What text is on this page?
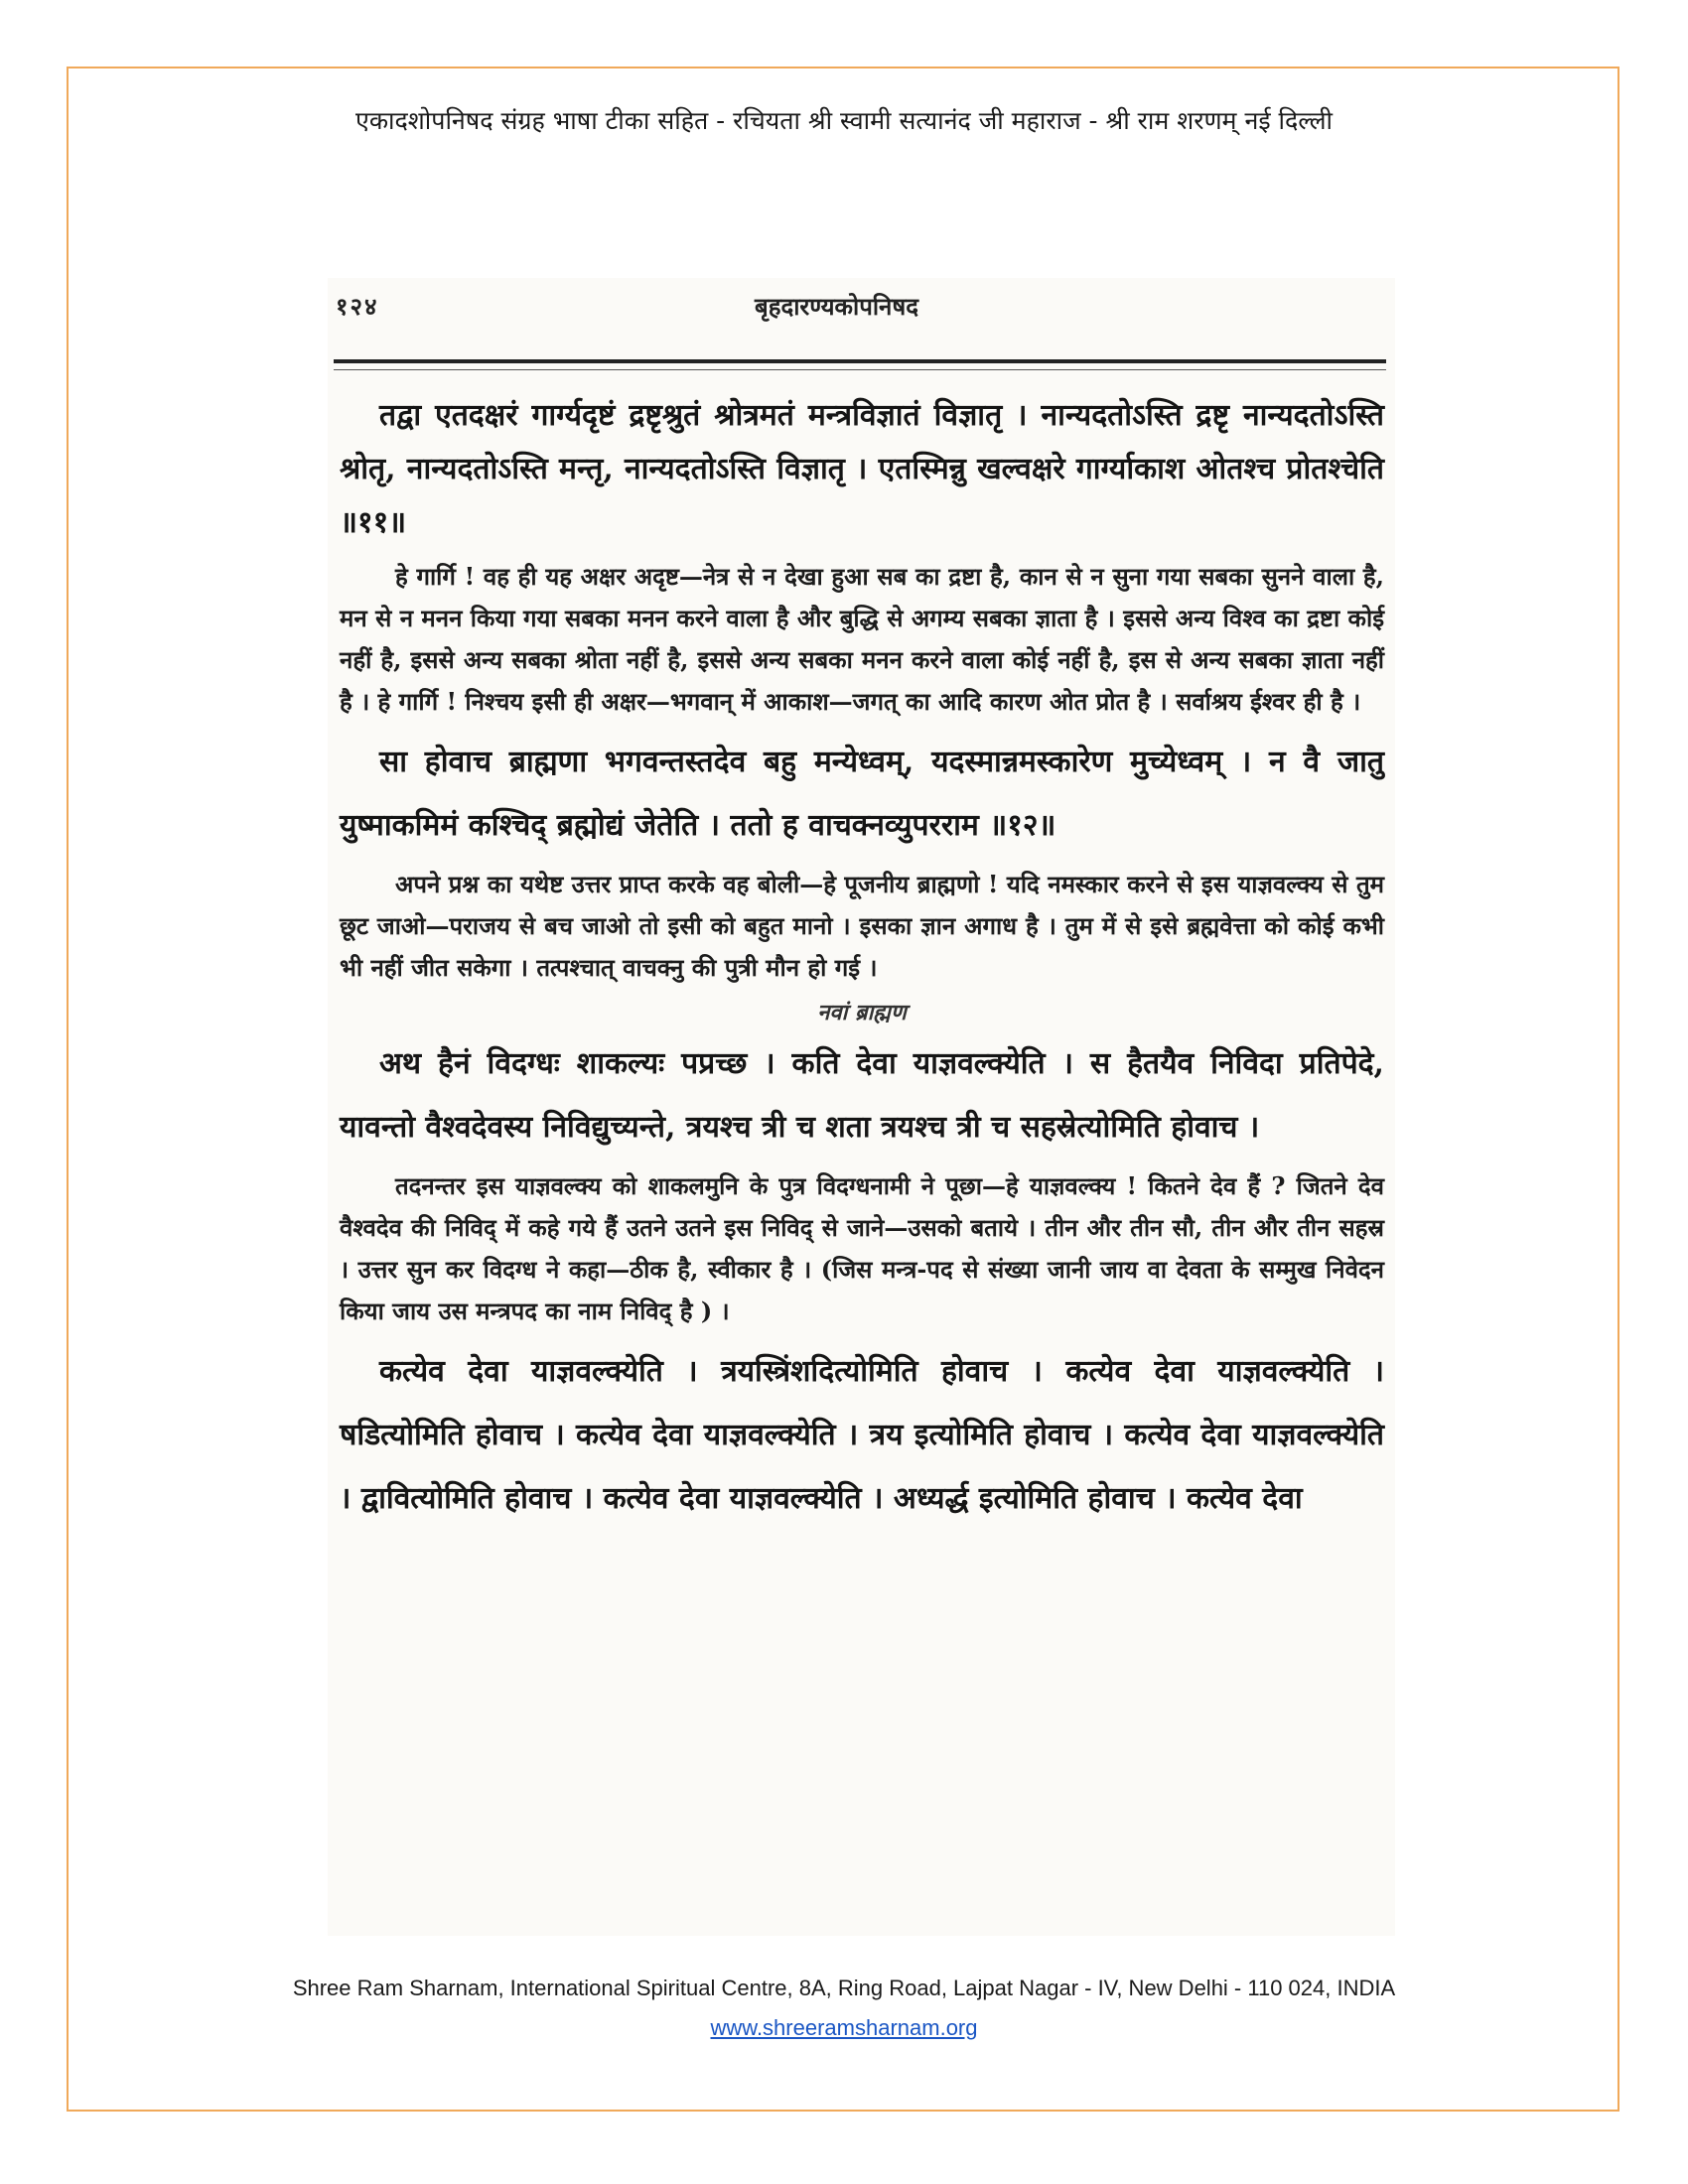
एकादशोपनिषद संग्रह भाषा टीका सहित - रचियता श्री स्वामी सत्यानंद जी महाराज - श्री राम शरणम् नई दिल्ली
१२४	बृहदारण्यकोपनिषद

तद्वा एतदक्षरं गार्ग्यदृष्टं द्रष्टृश्रुतं श्रोत्रमतं मन्त्रविज्ञातं विज्ञातृ । नान्यदतोऽस्ति द्रष्टृ नान्यदतोऽस्ति श्रोतृ, नान्यदतोऽस्ति मन्तृ, नान्यदतोऽस्ति विज्ञातृ । एतस्मिन्नु खल्वक्षरे गार्ग्याकाश ओतश्च प्रोतश्चेति ॥११॥

हे गार्गि ! वह ही यह अक्षर अदृष्ट—नेत्र से न देखा हुआ सब का द्रष्टा है, कान से न सुना गया सबका सुनने वाला है, मन से न मनन किया गया सबका मनन करने वाला है और बुद्धि से अगम्य सबका ज्ञाता है । इससे अन्य विश्व का द्रष्टा कोई नहीं है, इससे अन्य सबका श्रोता नहीं है, इससे अन्य सबका मनन करने वाला कोई नहीं है, इस से अन्य सबका ज्ञाता नहीं है । हे गार्गि ! निश्चय इसी ही अक्षर—भगवान् में आकाश—जगत् का आदि कारण ओत प्रोत है । सर्वाश्रय ईश्वर ही है ।

सा होवाच ब्राह्मणा भगवन्तस्तदेव बहु मन्येध्वम्, यदस्मान्नमस्कारेण मुच्येध्वम् । न वै जातु युष्माकमिमं कश्चिद् ब्रह्मोद्यं जेतेति । ततो ह वाचक्नव्युपरराम ॥१२॥

अपने प्रश्न का यथेष्ट उत्तर प्राप्त करके वह बोली—हे पूजनीय ब्राह्मणो ! यदि नमस्कार करने से इस याज्ञवल्क्य से तुम छूट जाओ—पराजय से बच जाओ तो इसी को बहुत मानो । इसका ज्ञान अगाध है । तुम में से इसे ब्रह्मवेत्ता को कोई कभी भी नहीं जीत सकेगा । तत्पश्चात् वाचक्नु की पुत्री मौन हो गई ।

नवां ब्राह्मण

अथ हैनं विदग्धः शाकल्यः पप्रच्छ । कति देवा याज्ञवल्क्येति । स हैतयैव निविदा प्रतिपेदे, यावन्तो वैश्वदेवस्य निविद्युच्यन्ते, त्रयश्च त्री च शता त्रयश्च त्री च सहस्रेत्योमिति होवाच ।

तदनन्तर इस याज्ञवल्क्य को शाकलमुनि के पुत्र विदग्धनामी ने पूछा—हे याज्ञवल्क्य ! कितने देव हैं ? जितने देव वैश्वदेव की निविद् में कहे गये हैं उतने उतने इस निविद् से जाने—उसको बताये । तीन और तीन सौ, तीन और तीन सहस्र । उत्तर सुन कर विदग्ध ने कहा—ठीक है, स्वीकार है । (जिस मन्त्र-पद से संख्या जानी जाय वा देवता के सम्मुख निवेदन किया जाय उस मन्त्रपद का नाम निविद् है ) ।

कत्येव देवा याज्ञवल्क्येति । त्रयस्त्रिंशदित्योमिति होवाच । कत्येव देवा याज्ञवल्क्येति । षडित्योमिति होवाच । कत्येव देवा याज्ञवल्क्येति । त्रय इत्योमिति होवाच । कत्येव देवा याज्ञवल्क्येति । द्वावित्योमिति होवाच । कत्येव देवा याज्ञवल्क्येति । अध्यर्द्ध इत्योमिति होवाच । कत्येव देवा

Shree Ram Sharnam, International Spiritual Centre, 8A, Ring Road, Lajpat Nagar - IV, New Delhi - 110 024, INDIA
www.shreeramsharnam.org
